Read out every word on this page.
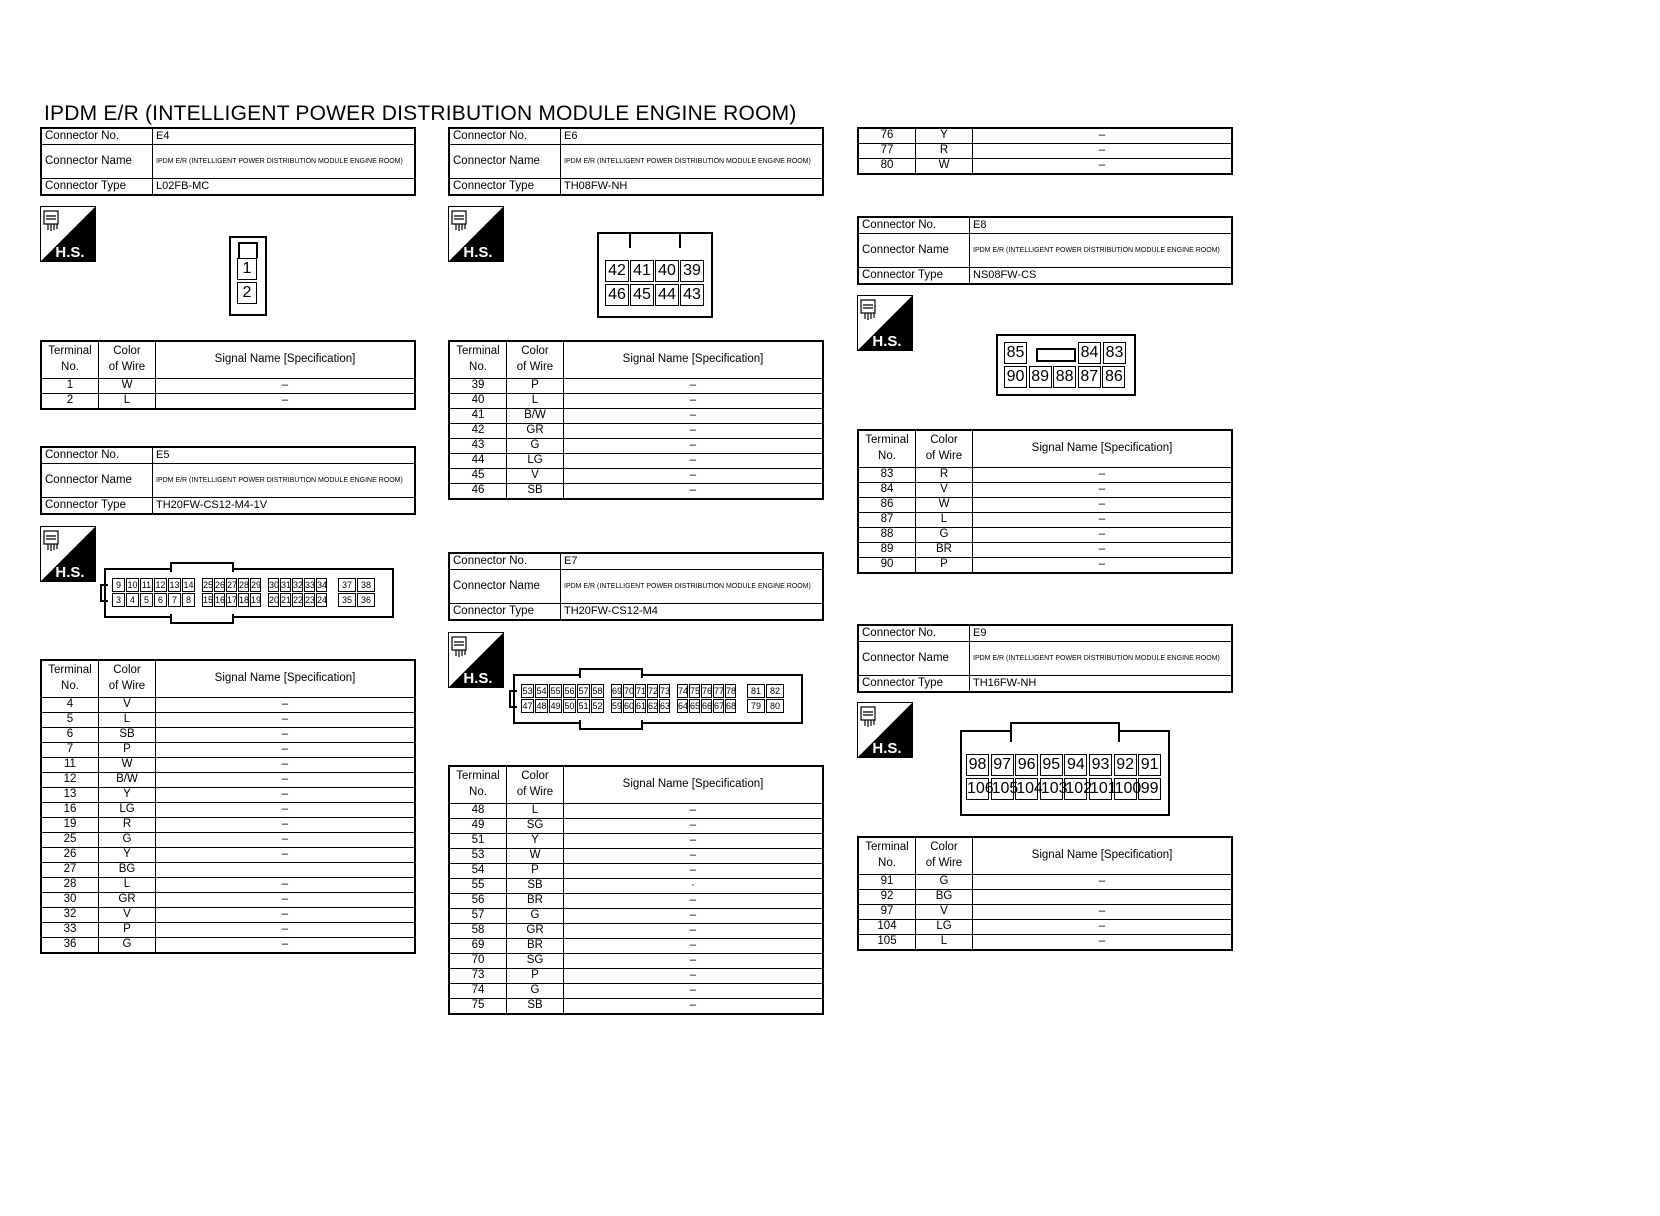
IPDM E/R (INTELLIGENT POWER DISTRIBUTION MODULE ENGINE ROOM)
Connector No.	E4
Connector Name	IPDM E/R (INTELLIGENT POWER DISTRIBUTION MODULE ENGINE ROOM)
Connector Type	L02FB-MC
H.S.
1
2
Terminal
No.	Color
of Wire	Signal Name [Specification]
1	W	–
2	L	–
Connector No.	E5
Connector Name	IPDM E/R (INTELLIGENT POWER DISTRIBUTION MODULE ENGINE ROOM)
Connector Type	TH20FW-CS12-M4-1V
H.S.
9 10 11 12 13 14 25 26 27 28 29 30 31 32 33 34	37 38
3 4 5 6 7 8	15 16 17 18 19 20 21 22 23 24	35 36
Terminal
No.	Color
of Wire	Signal Name [Specification]
4	V	–
5	L	–
6	SB	–
7	P	–
11	W	–
12	B/W	–
13	Y	–
16	LG	–
19	R	–
25	G	–
26	Y	–
27	BG	
28	L	–
30	GR	–
32	V	–
33	P	–
36	G	–
Connector No.	E6
Connector Name	IPDM E/R (INTELLIGENT POWER DISTRIBUTION MODULE ENGINE ROOM)
Connector Type	TH08FW-NH
H.S.
42 41 40 39
46 45 44 43
Terminal
No.	Color
of Wire	Signal Name [Specification]
39	P	–
40	L	–
41	B/W	–
42	GR	–
43	G	–
44	LG	–
45	V	–
46	SB	–
Connector No.	E7
Connector Name	IPDM E/R (INTELLIGENT POWER DISTRIBUTION MODULE ENGINE ROOM)
Connector Type	TH20FW-CS12-M4
H.S.
53 54 55 56 57 58 69 70 71 72 73 74 75 76 77 78	81 82
47 48 49 50 51 52 59 60 61 62 63 64 65 66 67 68	79 80
Terminal
No.	Color
of Wire	Signal Name [Specification]
48	L	–
49	SG	–
51	Y	–
53	W	–
54	P	–
55	SB	·
56	BR	–
57	G	–
58	GR	–
69	BR	–
70	SG	–
73	P	–
74	G	–
75	SB	–
76	Y	–
77	R	–
80	W	–
Connector No.	E8
Connector Name	IPDM E/R (INTELLIGENT POWER DISTRIBUTION MODULE ENGINE ROOM)
Connector Type	NS08FW-CS
H.S.
85	84 83
90 89 88 87 86
Terminal
No.	Color
of Wire	Signal Name [Specification]
83	R	–
84	V	–
86	W	–
87	L	–
88	G	–
89	BR	–
90	P	–
Connector No.	E9
Connector Name	IPDM E/R (INTELLIGENT POWER DISTRIBUTION MODULE ENGINE ROOM)
Connector Type	TH16FW-NH
H.S.
98 97 96 95 94 93 92 91
106
105
104
103
102
101
100 99
Terminal
No.	Color
of Wire	Signal Name [Specification]
91	G	–
92	BG	
97	V	–
104	LG	–
105	L	–
